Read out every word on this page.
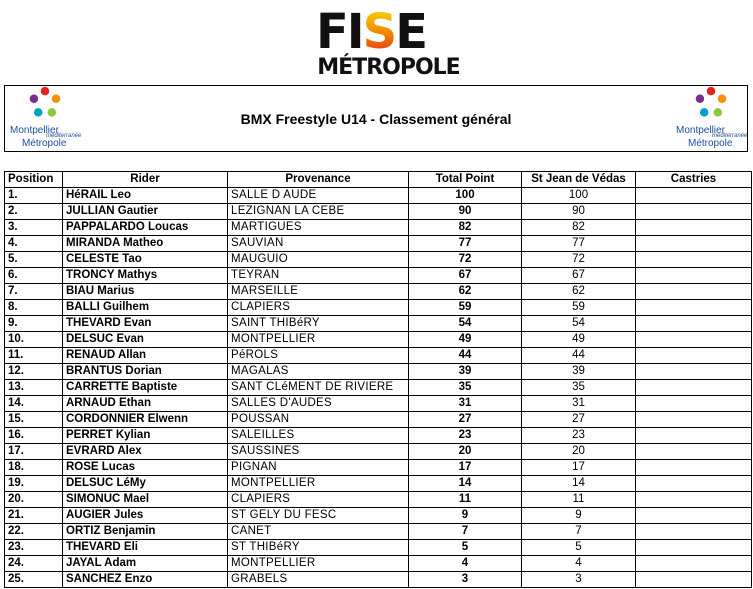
FISE
MÉTROPOLE
Montpellier
méditerranée
Métropole
BMX Freestyle U14 - Classement général
Montpellier
méditerranée
Métropole
Position	Rider	Provenance	Total Point	St Jean de Védas	Castries
1.	HéRAIL Leo	SALLE D AUDE	100	100	
2.	JULLIAN Gautier	LEZIGNAN LA CEBE	90	90	
3.	PAPPALARDO Loucas	MARTIGUES	82	82	
4.	MIRANDA Matheo	SAUVIAN	77	77	
5.	CELESTE Tao	MAUGUIO	72	72	
6.	TRONCY Mathys	TEYRAN	67	67	
7.	BIAU Marius	MARSEILLE	62	62	
8.	BALLI Guilhem	CLAPIERS	59	59	
9.	THEVARD Evan	SAINT THIBéRY	54	54	
10.	DELSUC Evan	MONTPELLIER	49	49	
11.	RENAUD Allan	PéROLS	44	44	
12.	BRANTUS Dorian	MAGALAS	39	39	
13.	CARRETTE Baptiste	SANT CLéMENT DE RIVIERE	35	35	
14.	ARNAUD Ethan	SALLES D'AUDES	31	31	
15.	CORDONNIER Elwenn	POUSSAN	27	27	
16.	PERRET Kylian	SALEILLES	23	23	
17.	EVRARD Alex	SAUSSINES	20	20	
18.	ROSE Lucas	PIGNAN	17	17	
19.	DELSUC LéMy	MONTPELLIER	14	14	
20.	SIMONUC Mael	CLAPIERS	11	11	
21.	AUGIER Jules	ST GELY DU FESC	9	9	
22.	ORTIZ Benjamin	CANET	7	7	
23.	THEVARD Eli	ST THIBéRY	5	5	
24.	JAYAL Adam	MONTPELLIER	4	4	
25.	SANCHEZ Enzo	GRABELS	3	3	
